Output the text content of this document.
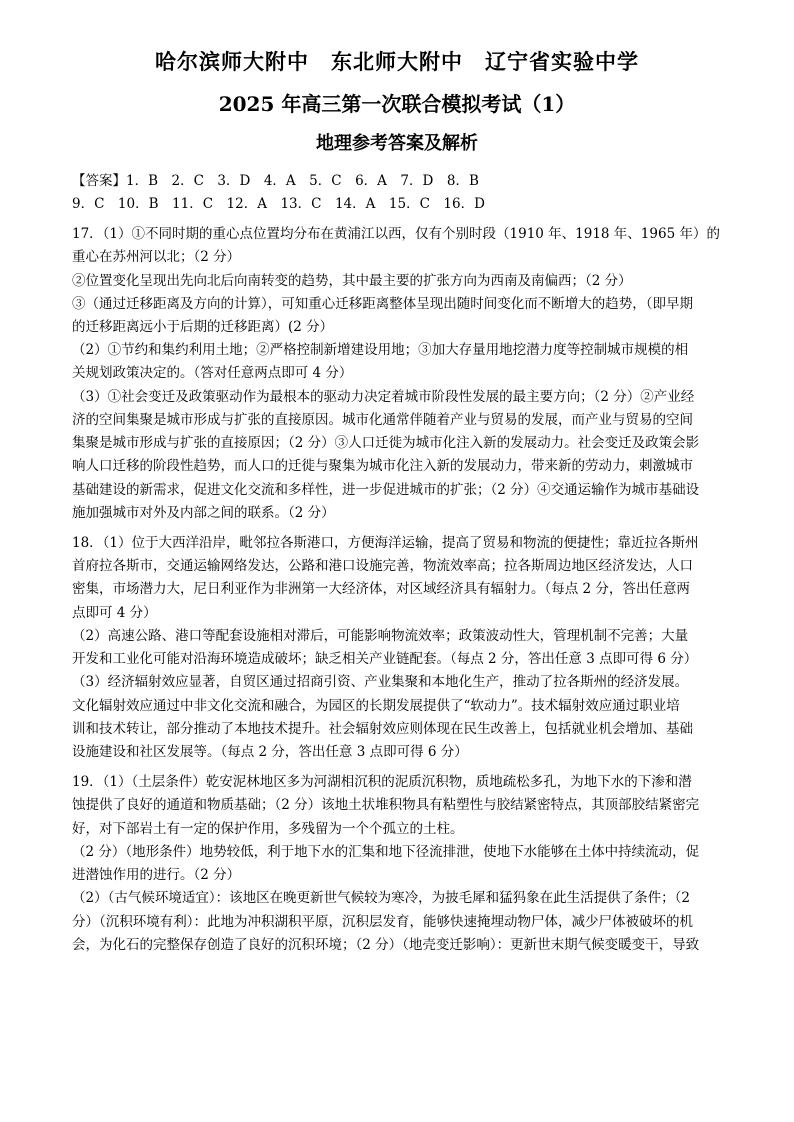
哈尔滨师大附中　东北师大附中　辽宁省实验中学
2025 年高三第一次联合模拟考试（1）
地理参考答案及解析

【答案】1．B　2．C　3．D　4．A　5．C　6．A　7．D　8．B

9．C　10．B　11．C　12．A　13．C　14．A　15．C　16．D

17．（1）①不同时期的重心点位置均分布在黄浦江以西，仅有个别时段（1910 年、1918 年、1965 年）的

重心在苏州河以北；（2 分）

②位置变化呈现出先向北后向南转变的趋势，其中最主要的扩张方向为西南及南偏西；（2 分）

③（通过迁移距离及方向的计算），可知重心迁移距离整体呈现出随时间变化而不断增大的趋势，（即早期

的迁移距离远小于后期的迁移距离）(2 分）

（2）①节约和集约利用土地；②严格控制新增建设用地；③加大存量用地挖潜力度等控制城市规模的相

关规划政策决定的。（答对任意两点即可 4 分）

（3）①社会变迁及政策驱动作为最根本的驱动力决定着城市阶段性发展的最主要方向；（2 分）②产业经

济的空间集聚是城市形成与扩张的直接原因。城市化通常伴随着产业与贸易的发展，而产业与贸易的空间

集聚是城市形成与扩张的直接原因；（2 分）③人口迁徙为城市化注入新的发展动力。社会变迁及政策会影

响人口迁移的阶段性趋势，而人口的迁徙与聚集为城市化注入新的发展动力，带来新的劳动力，刺激城市

基础建设的新需求，促进文化交流和多样性，进一步促进城市的扩张；（2 分）④交通运输作为城市基础设

施加强城市对外及内部之间的联系。（2 分）

18．（1）位于大西洋沿岸，毗邻拉各斯港口，方便海洋运输，提高了贸易和物流的便捷性；靠近拉各斯州

首府拉各斯市，交通运输网络发达，公路和港口设施完善，物流效率高；拉各斯周边地区经济发达，人口

密集，市场潜力大，尼日利亚作为非洲第一大经济体，对区域经济具有辐射力。（每点 2 分，答出任意两

点即可 4 分）

（2）高速公路、港口等配套设施相对滞后，可能影响物流效率；政策波动性大，管理机制不完善；大量

开发和工业化可能对沿海环境造成破坏；缺乏相关产业链配套。（每点 2 分，答出任意 3 点即可得 6 分）

（3）经济辐射效应显著，自贸区通过招商引资、产业集聚和本地化生产，推动了拉各斯州的经济发展。

文化辐射效应通过中非文化交流和融合，为园区的长期发展提供了“软动力”。技术辐射效应通过职业培

训和技术转让，部分推动了本地技术提升。社会辐射效应则体现在民生改善上，包括就业机会增加、基础

设施建设和社区发展等。（每点 2 分，答出任意 3 点即可得 6 分）

19．（1）（土层条件）乾安泥林地区多为河湖相沉积的泥质沉积物，质地疏松多孔，为地下水的下渗和潜

蚀提供了良好的通道和物质基础；（2 分）该地土状堆积物具有粘塑性与胶结紧密特点，其顶部胶结紧密完

好，对下部岩土有一定的保护作用，多残留为一个个孤立的土柱。

（2 分）（地形条件）地势较低，利于地下水的汇集和地下径流排泄，使地下水能够在土体中持续流动，促

进潜蚀作用的进行。（2 分）

（2）（古气候环境适宜）：该地区在晚更新世气候较为寒冷，为披毛犀和猛犸象在此生活提供了条件；（2

分）（沉积环境有利）：此地为冲积湖积平原，沉积层发育，能够快速掩埋动物尸体，减少尸体被破坏的机

会，为化石的完整保存创造了良好的沉积环境；（2 分）（地壳变迁影响）：更新世末期气候变暖变干，导致
